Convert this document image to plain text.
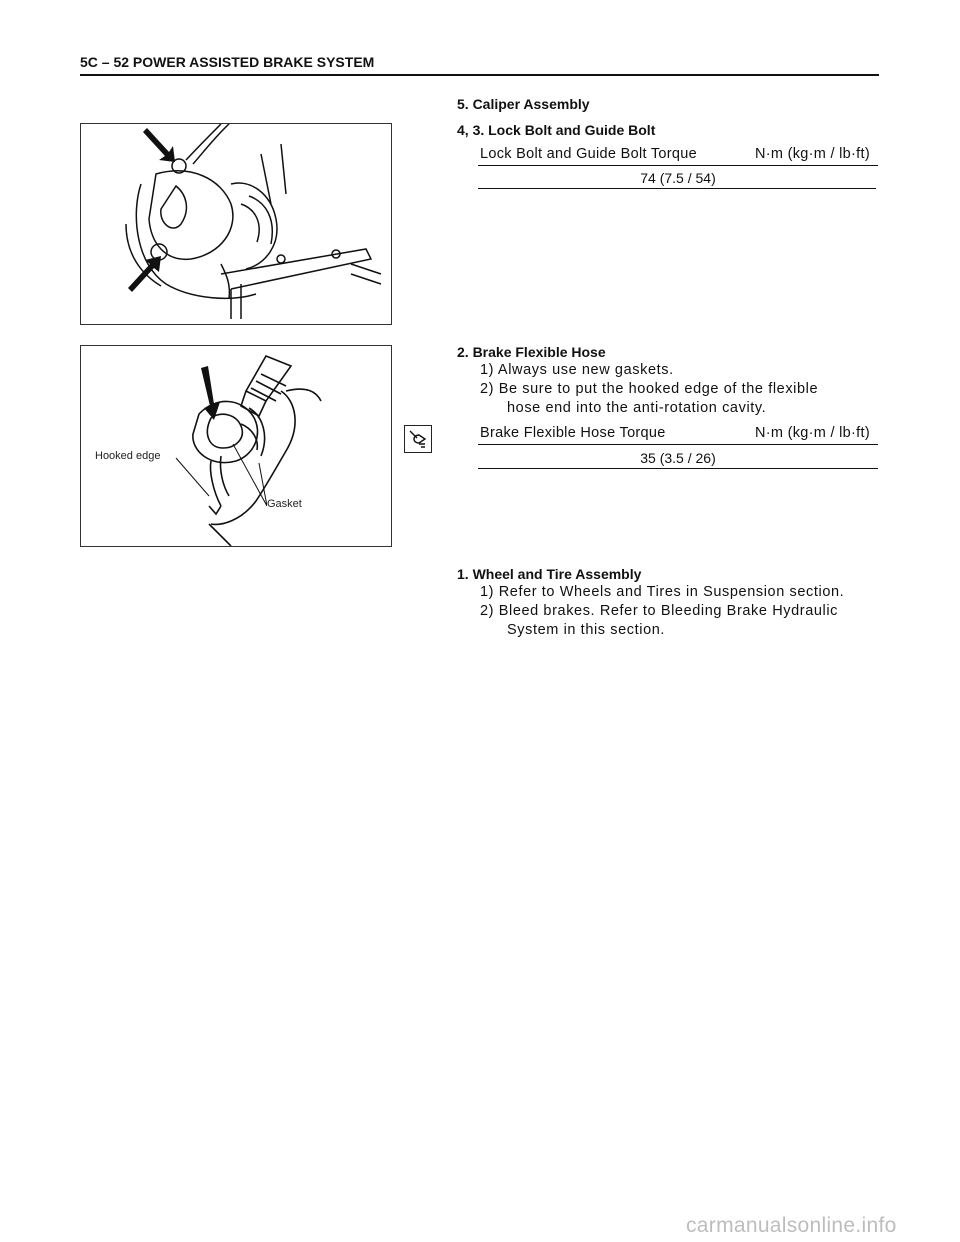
5C – 52 POWER ASSISTED BRAKE SYSTEM
Hooked edge
Gasket
5. Caliper Assembly
4, 3. Lock Bolt and Guide Bolt
Lock Bolt and Guide Bolt Torque	N·m (kg·m / lb·ft)
74 (7.5 / 54)
2. Brake Flexible Hose
1) Always use new gaskets.
2) Be sure to put the hooked edge of the flexible
hose end into the anti-rotation cavity.
Brake Flexible Hose Torque	N·m (kg·m / lb·ft)
35 (3.5 / 26)
1. Wheel and Tire Assembly
1) Refer to Wheels and Tires in Suspension section.
2) Bleed brakes. Refer to Bleeding Brake Hydraulic
System in this section.
carmanualsonline.info
